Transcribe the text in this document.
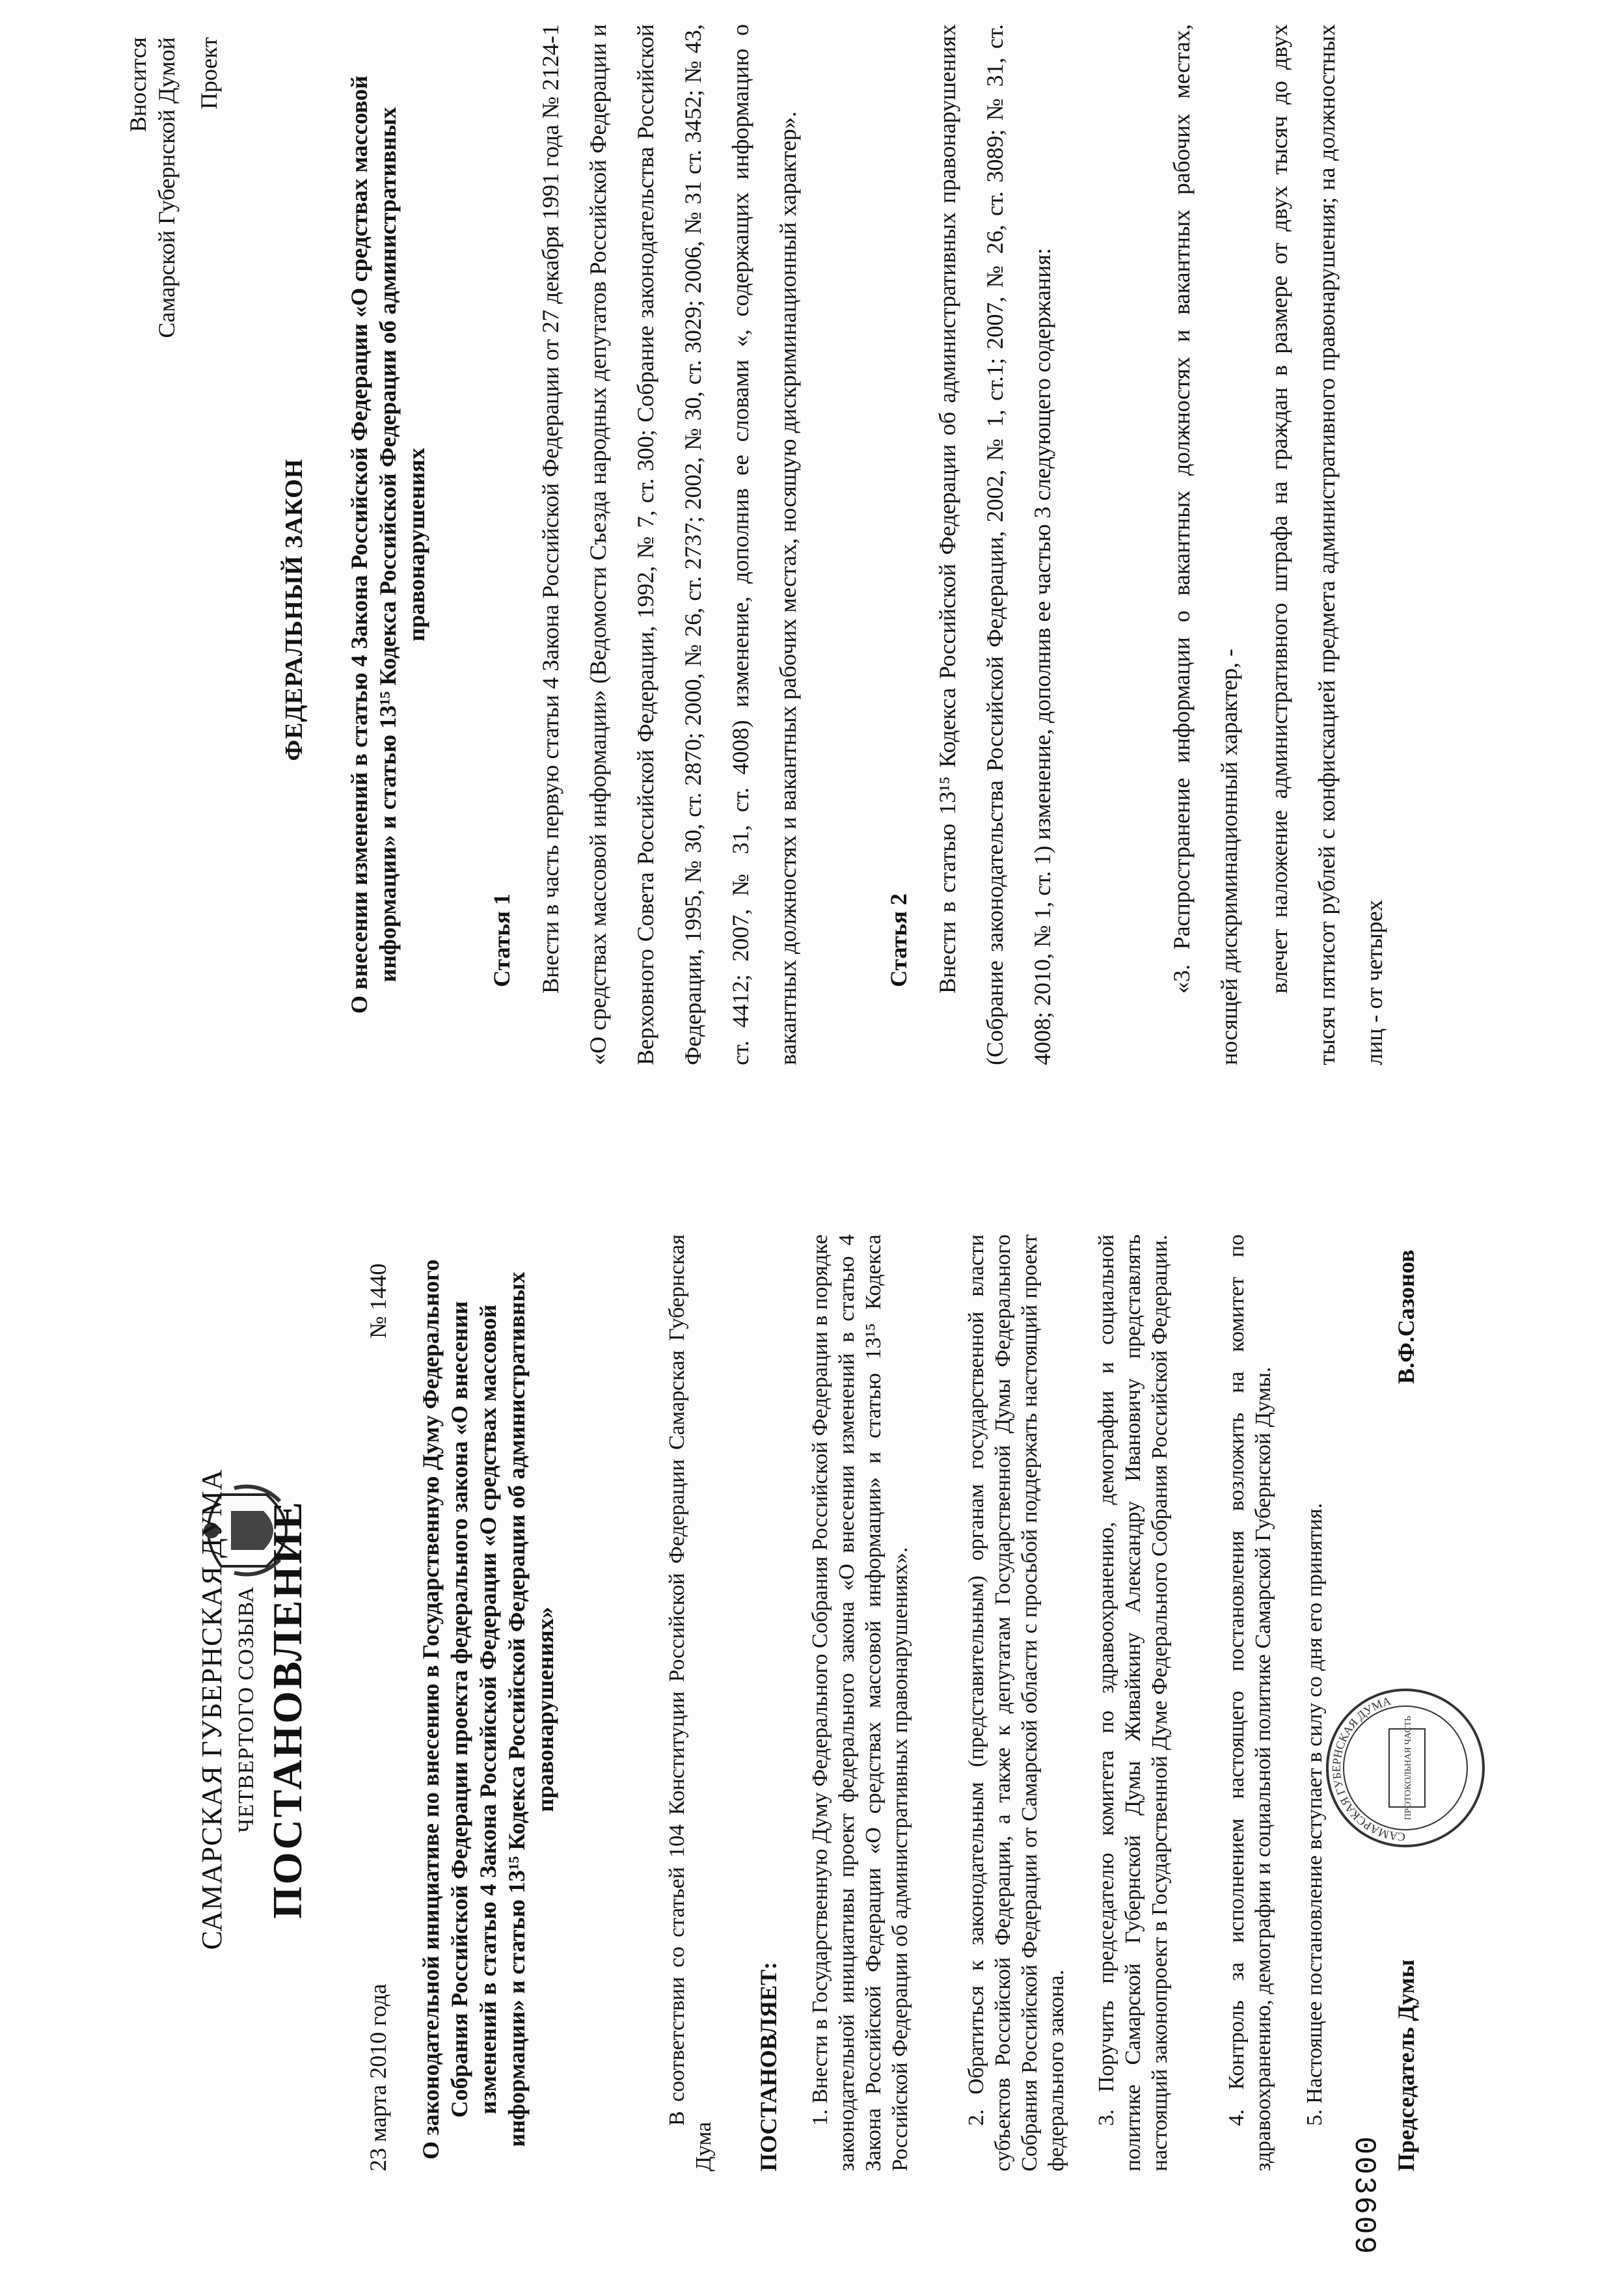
САМАРСКАЯ ГУБЕРНСКАЯ ДУМА ЧЕТВЕРТОГО СОЗЫВА ПОСТАНОВЛЕНИЕ
23 марта 2010 года
№ 1440 О законодательной инициативе по внесению в Государственную Думу Федерального Собрания Российской Федерации проекта федерального закона «О внесении изменений в статью 4 Закона Российской Федерации «О средствах массовой информации» и статью 13¹⁵ Кодекса Российской Федерации об административных правонарушениях»	В соответствии со статьей 104 Конституции Российской Федерации Самарская Губернская Дума ПОСТАНОВЛЯЕТ: 1. Внести в Государственную Думу Федерального Собрания Российской Федерации в порядке законодательной инициативы проект федерального закона «О внесении изменений в статью 4 Закона Российской Федерации «О средствах массовой информации» и статью 13¹⁵ Кодекса Российской Федерации об административных правонарушениях». 2. Обратиться к законодательным (представительным) органам государственной власти субъектов Российской Федерации, а также к депутатам Государственной Думы Федерального Собрания Российской Федерации от Самарской области с просьбой поддержать настоящий проект федерального закона. 3. Поручить председателю комитета по здравоохранению, демографии и социальной политике Самарской Губернской Думы Живайкину Александру Ивановичу представлять настоящий законопроект в Государственной Думе Федерального Собрания Российской Федерации. 4. Контроль за исполнением настоящего постановления возложить на комитет по здравоохранению, демографии и социальной политике Самарской Губернской Думы. 5. Настоящее постановление вступает в силу со дня его принятия.	САМАРСКАЯ ГУБЕРНСКАЯ ДУМА
ПРОТОКОЛЬНАЯ ЧАСТЬ
Председатель Думы
В.Ф.Сазонов
003609
Вносится Самарской Губернской Думой Проект
ФЕДЕРАЛЬНЫЙ ЗАКОН О внесении изменений в статью 4 Закона Российской Федерации «О средствах массовой информации» и статью 13¹⁵ Кодекса Российской Федерации об административных правонарушениях
Статья 1 Внести в часть первую статьи 4 Закона Российской Федерации от 27 декабря 1991 года № 2124-1 «О средствах массовой информации» (Ведомости Съезда народных депутатов Российской Федерации и Верховного Совета Российской Федерации, 1992, № 7, ст. 300; Собрание законодательства Российской Федерации, 1995, № 30, ст. 2870; 2000, № 26, ст. 2737; 2002, № 30, ст. 3029; 2006, № 31 ст. 3452; № 43, ст. 4412; 2007, № 31, ст. 4008) изменение, дополнив ее словами «, содержащих информацию о вакантных должностях и вакантных рабочих местах, носящую дискриминационный характер».	Статья 2 Внести в статью 13¹⁵ Кодекса Российской Федерации об административных правонарушениях (Собрание законодательства Российской Федерации, 2002, № 1, ст.1; 2007, № 26, ст. 3089; № 31, ст. 4008; 2010, № 1, ст. 1) изменение, дополнив ее частью 3 следующего содержания:	«3. Распространение информации о вакантных должностях и вакантных рабочих местах, носящей дискриминационный характер, -	влечет наложение административного штрафа на граждан в размере от двух тысяч до двух тысяч пятисот рублей с конфискацией предмета административного правонарушения; на должностных лиц - от четырех
